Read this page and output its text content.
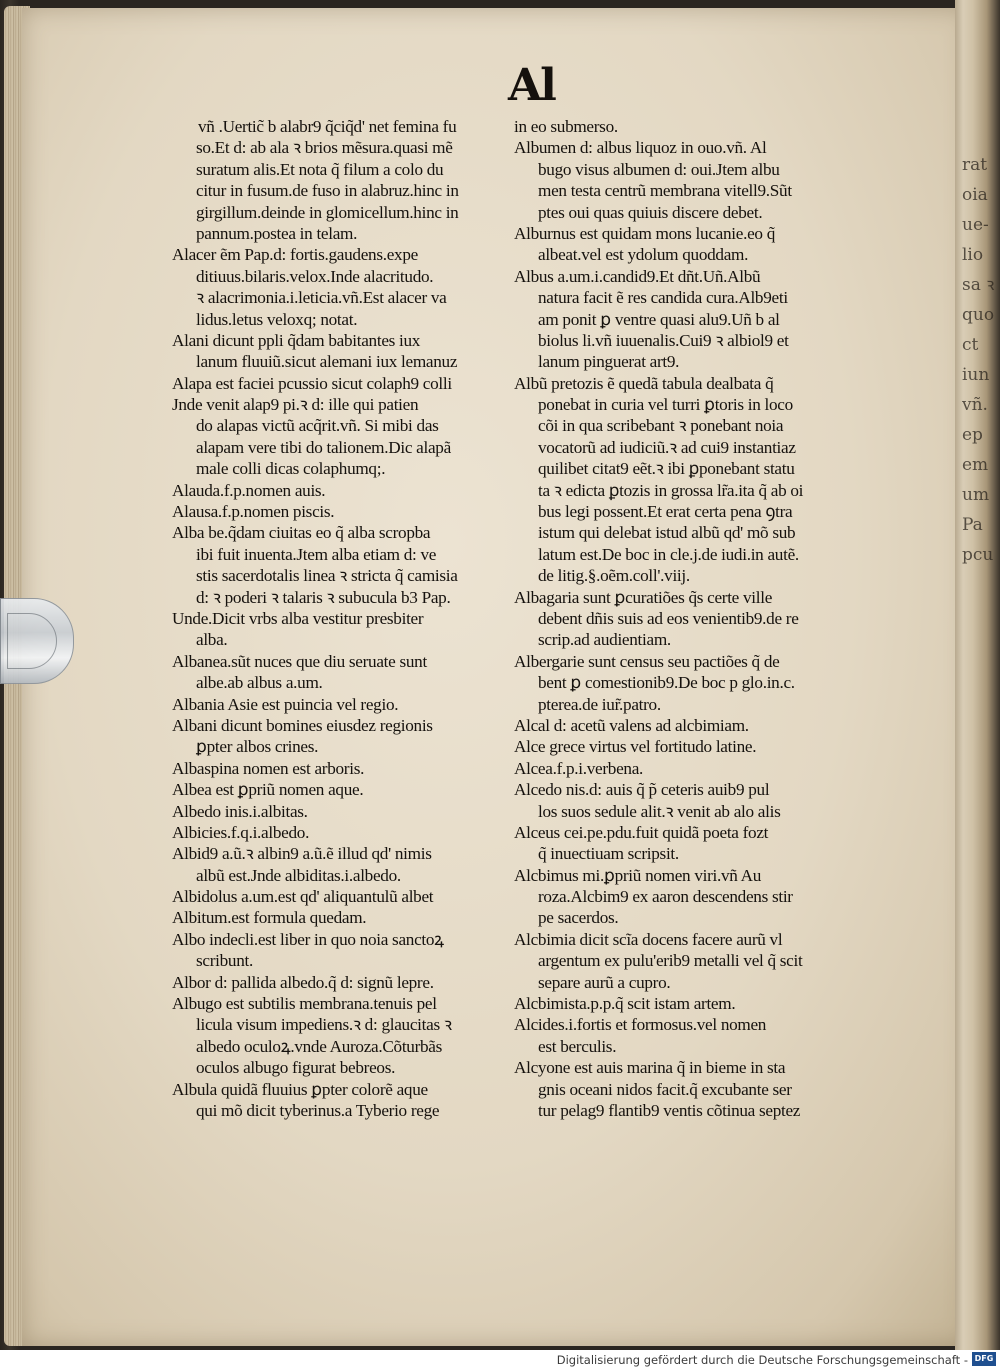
rat
oia
ue-
lio
sa ꝛ
quo
ct
iun
vñ.
ep
em
um
Pa
pcu
Al
vñ .Uertic̃ b alabr9 q̃ciq̃d' net femina fu
so.Et d: ab ala ꝛ brios mẽsura.quasi mẽ
suratum alis.Et nota q̃ filum a colo du
citur in fusum.de fuso in alabruz.hinc in
girgillum.deinde in glomicellum.hinc in
pannum.postea in telam.
Alacer ẽm Pap.d: fortis.gaudens.expe
ditiuus.bilaris.velox.Inde alacritudo.
ꝛ alacrimonia.i.leticia.vñ.Est alacer va
lidus.letus veloxq; notat.
Alani dicunt ppli q̃dam babitantes iux
lanum fluuiũ.sicut alemani iux lemanuz
Alapa est faciei pcussio sicut colaph9 colli
Jnde venit alap9 pi.ꝛ d: ille qui patien
do alapas victũ acq̃rit.vñ. Si mibi das
alapam vere tibi do talionem.Dic alapã
male colli dicas colaphumq;.
Alauda.f.p.nomen auis.
Alausa.f.p.nomen piscis.
Alba be.q̃dam ciuitas eo q̃ alba scropba
ibi fuit inuenta.Jtem alba etiam d: ve
stis sacerdotalis linea ꝛ stricta q̃ camisia
d: ꝛ poderi ꝛ talaris ꝛ subucula b3 Pap.
Unde.Dicit vrbs alba vestitur presbiter
alba.
Albanea.sũt nuces que diu seruate sunt
albe.ab albus a.um.
Albania Asie est puincia vel regio.
Albani dicunt bomines eiusdez regionis
ꝑpter albos crines.
Albaspina nomen est arboris.
Albea est ꝑpriũ nomen aque.
Albedo inis.i.albitas.
Albicies.f.q.i.albedo.
Albid9 a.ũ.ꝛ albin9 a.ũ.ẽ illud qd' nimis
albũ est.Jnde albiditas.i.albedo.
Albidolus a.um.est qd' aliquantulũ albet
Albitum.est formula quedam.
Albo indecli.est liber in quo noia sanctoꝝ
scribunt.
Albor d: pallida albedo.q̃ d: signũ lepre.
Albugo est subtilis membrana.tenuis pel
licula visum impediens.ꝛ d: glaucitas ꝛ
albedo oculoꝝ.vnde Auroza.Cõturbãs
oculos albugo figurat bebreos.
Albula quidã fluuius ꝑpter colorẽ aque
qui mõ dicit tyberinus.a Tyberio rege
in eo submerso.
Albumen d: albus liquoz in ouo.vñ. Al
bugo visus albumen d: oui.Jtem albu
men testa centrũ membrana vitell9.Sũt
ptes oui quas quiuis discere debet.
Alburnus est quidam mons lucanie.eo q̃
albeat.vel est ydolum quoddam.
Albus a.um.i.candid9.Et dñt.Uñ.Albũ
natura facit ẽ res candida cura.Alb9eti
am ponit ꝑ ventre quasi alu9.Uñ b al
biolus li.vñ iuuenalis.Cui9 ꝛ albiol9 et
lanum pinguerat art9.
Albũ pretozis ẽ quedã tabula dealbata q̃
ponebat in curia vel turri ꝑtoris in loco
cõi in qua scribebant ꝛ ponebant noia
vocatorũ ad iudiciũ.ꝛ ad cui9 instantiaz
quilibet citat9 eẽt.ꝛ ibi ꝑponebant statu
ta ꝛ edicta ꝑtozis in grossa lr̃a.ita q̃ ab oi
bus legi possent.Et erat certa pena ꝯtra
istum qui delebat istud albũ qd' mõ sub
latum est.De boc in cle.j.de iudi.in autẽ.
de litig.§.oẽm.coll'.viij.
Albagaria sunt ꝑcuratiões q̃s certe ville
debent dñis suis ad eos venientib9.de re
scrip.ad audientiam.
Albergarie sunt census seu pactiões q̃ de
bent ꝑ comestionib9.De boc p glo.in.c.
pterea.de iur̃.patro.
Alcal d: acetũ valens ad alcbimiam.
Alce grece virtus vel fortitudo latine.
Alcea.f.p.i.verbena.
Alcedo nis.d: auis q̃ p̃ ceteris auib9 pul
los suos sedule alit.ꝛ venit ab alo alis
Alceus cei.pe.pdu.fuit quidã poeta fozt
q̃ inuectiuam scripsit.
Alcbimus mi.ꝑpriũ nomen viri.vñ Au
roza.Alcbim9 ex aaron descendens stir
pe sacerdos.
Alcbimia dicit scĩa docens facere aurũ vl
argentum ex pulu'erib9 metalli vel q̃ scit
separe aurũ a cupro.
Alcbimista.p.p.q̃ scit istam artem.
Alcides.i.fortis et formosus.vel nomen
est berculis.
Alcyone est auis marina q̃ in bieme in sta
gnis oceani nidos facit.q̃ excubante ser
tur pelag9 flantib9 ventis cõtinua septez
Digitalisierung gefördert durch die Deutsche Forschungsgemeinschaft - DFG
